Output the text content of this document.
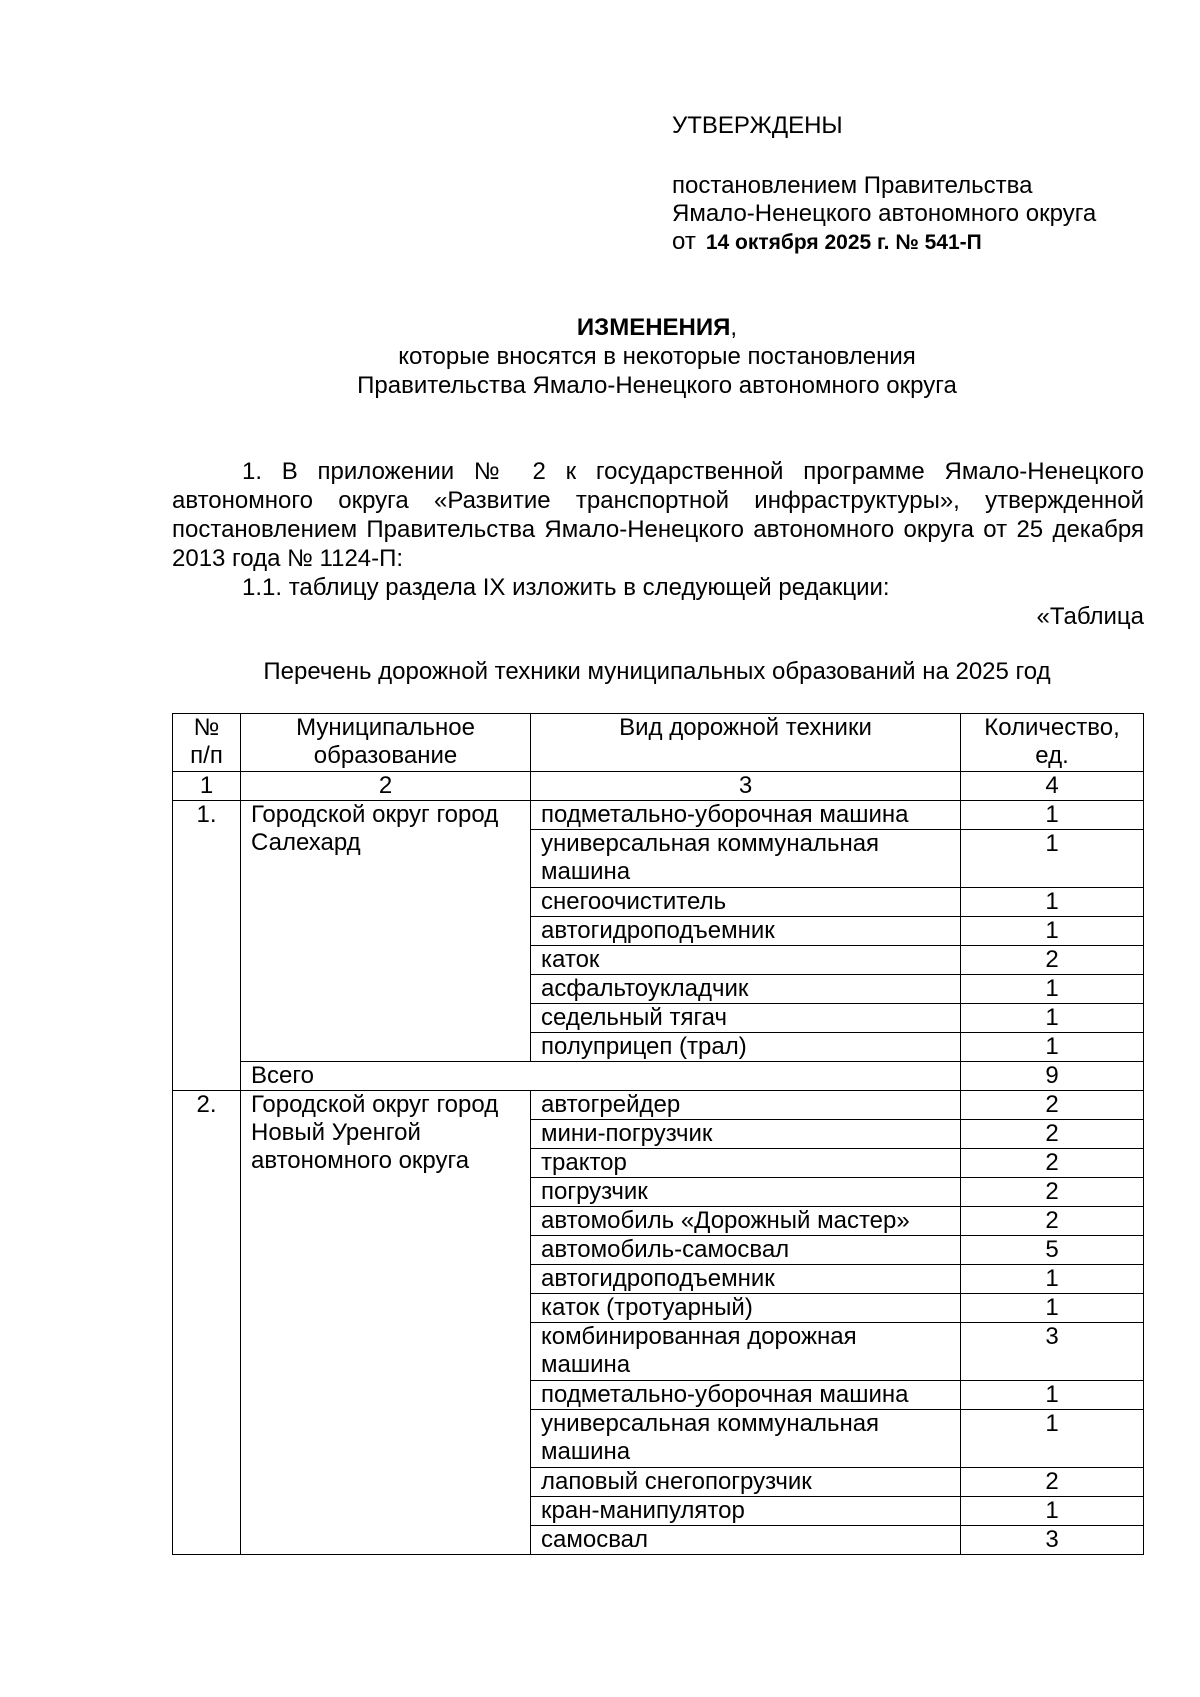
УТВЕРЖДЕНЫ
постановлением Правительства
Ямало-Ненецкого автономного округа
от 14 октября 2025 г. № 541-П
ИЗМЕНЕНИЯ,
которые вносятся в некоторые постановления
Правительства Ямало-Ненецкого автономного округа

1. В приложении № 2 к государственной программе Ямало-Ненецкого автономного округа «Развитие транспортной инфраструктуры», утвержденной постановлением Правительства Ямало-Ненецкого автономного округа от 25 декабря 2013 года № 1124-П:

1.1. таблицу раздела IX изложить в следующей редакции:

«Таблица

Перечень дорожной техники муниципальных образований на 2025 год
№ п/п	Муниципальное образование	Вид дорожной техники	Количество, ед.
1	2	3	4
1.	Городской округ город Салехард	подметально-уборочная машина	1
		универсальная коммунальная машина	1
		снегоочиститель	1
		автогидроподъемник	1
		каток	2
		асфальтоукладчик	1
		седельный тягач	1
		полуприцеп (трал)	1
	Всего		9
2.	Городской округ город Новый Уренгой автономного округа	автогрейдер	2
		мини-погрузчик	2
		трактор	2
		погрузчик	2
		автомобиль «Дорожный мастер»	2
		автомобиль-самосвал	5
		автогидроподъемник	1
		каток (тротуарный)	1
		комбинированная дорожная машина	3
		подметально-уборочная машина	1
		универсальная коммунальная машина	1
		лаповый снегопогрузчик	2
		кран-манипулятор	1
		самосвал	3
